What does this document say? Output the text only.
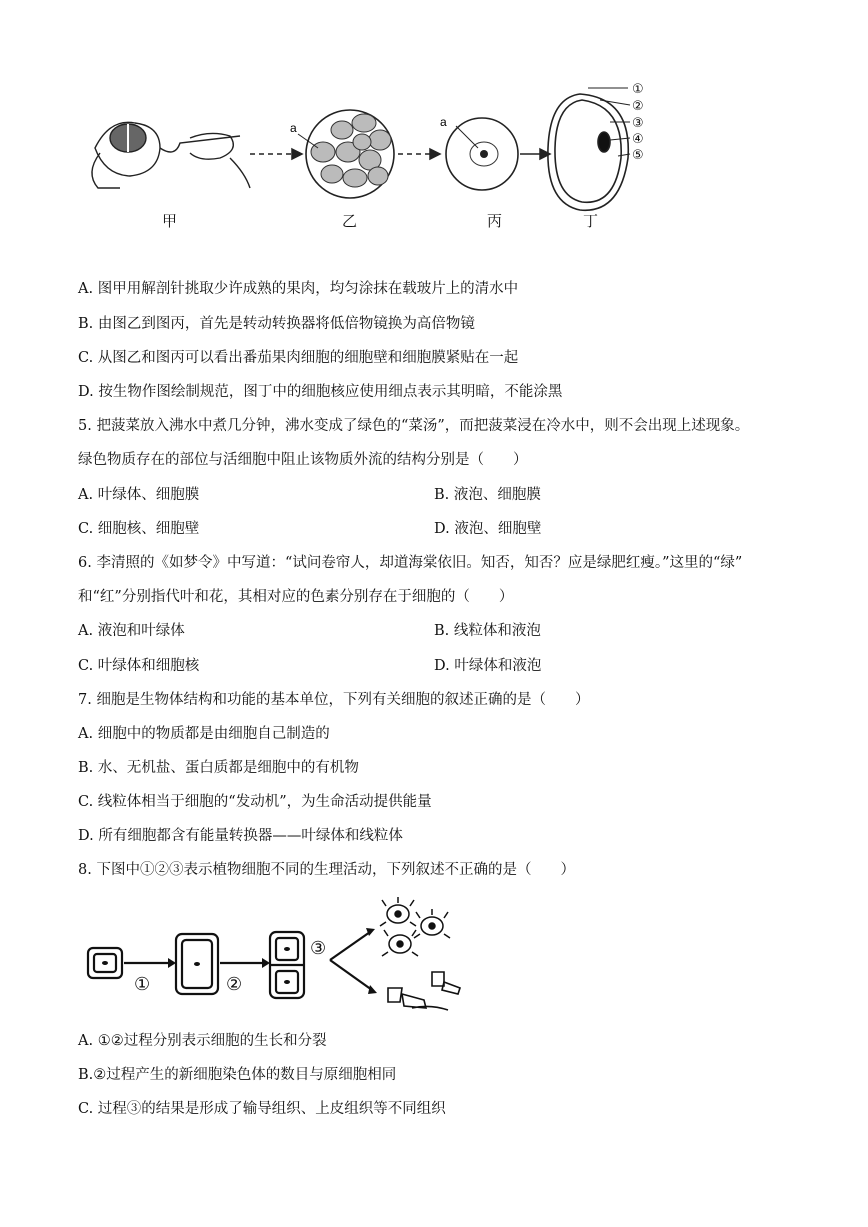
a	a
①
②
③
④
⑤
甲	乙	丙	丁
A. 图甲用解剖针挑取少许成熟的果肉，均匀涂抹在载玻片上的清水中
B. 由图乙到图丙，首先是转动转换器将低倍物镜换为高倍物镜
C. 从图乙和图丙可以看出番茄果肉细胞的细胞壁和细胞膜紧贴在一起
D. 按生物作图绘制规范，图丁中的细胞核应使用细点表示其明暗，不能涂黑
5. 把菠菜放入沸水中煮几分钟，沸水变成了绿色的“菜汤”，而把菠菜浸在冷水中，则不会出现上述现象。
绿色物质存在的部位与活细胞中阻止该物质外流的结构分别是（　　）
A. 叶绿体、细胞膜	B. 液泡、细胞膜
C. 细胞核、细胞壁	D. 液泡、细胞壁
6. 李清照的《如梦令》中写道：“试问卷帘人，却道海棠依旧。知否，知否？应是绿肥红瘦。”这里的“绿”
和“红”分别指代叶和花，其相对应的色素分别存在于细胞的（　　）
A. 液泡和叶绿体	B. 线粒体和液泡
C. 叶绿体和细胞核	D. 叶绿体和液泡
7. 细胞是生物体结构和功能的基本单位，下列有关细胞的叙述正确的是（　　）
A. 细胞中的物质都是由细胞自己制造的
B. 水、无机盐、蛋白质都是细胞中的有机物
C. 线粒体相当于细胞的“发动机”，为生命活动提供能量
D. 所有细胞都含有能量转换器——叶绿体和线粒体
8. 下图中①②③表示植物细胞不同的生理活动，下列叙述不正确的是（　　）
①	②
③
A. ①②过程分别表示细胞的生长和分裂
B.②过程产生的新细胞染色体的数目与原细胞相同
C. 过程③的结果是形成了输导组织、上皮组织等不同组织
